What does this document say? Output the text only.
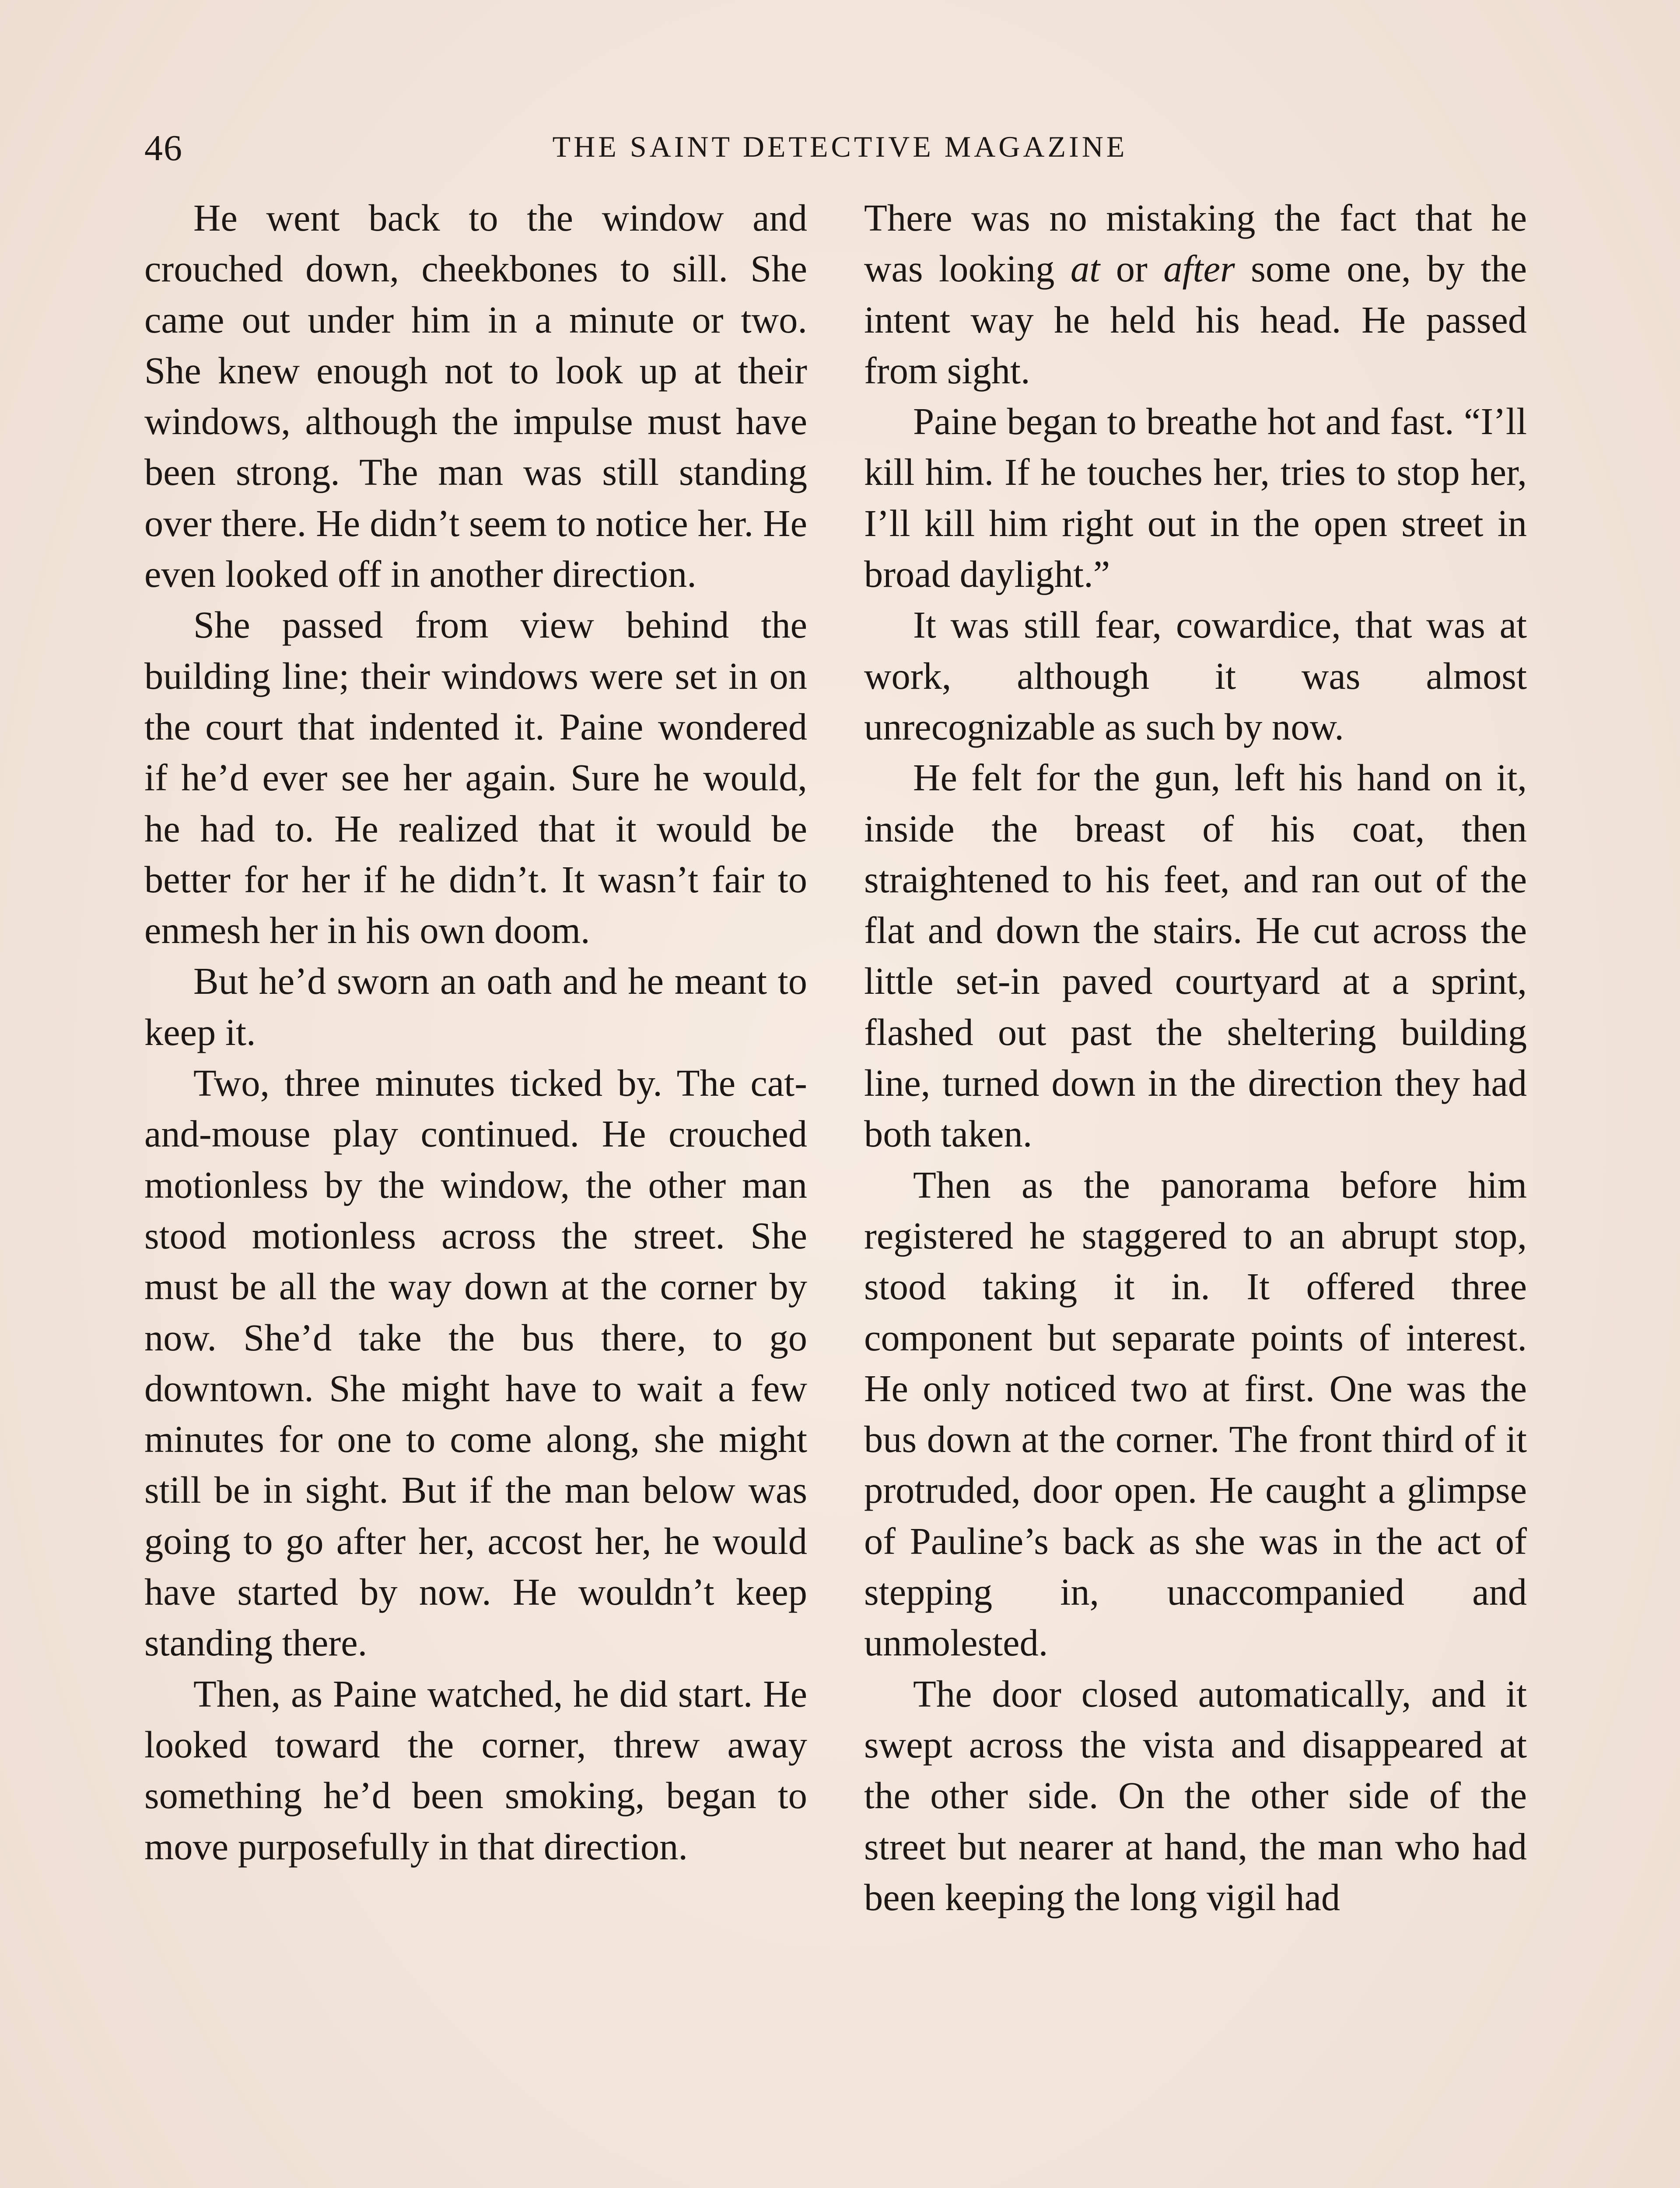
46	THE SAINT DETECTIVE MAGAZINE

He went back to the window and crouched down, cheekbones to sill. She came out under him in a minute or two. She knew enough not to look up at their windows, although the impulse must have been strong. The man was still standing over there. He didn’t seem to notice her. He even looked off in another direction.

She passed from view behind the building line; their windows were set in on the court that indented it. Paine wondered if he’d ever see her again. Sure he would, he had to. He realized that it would be better for her if he didn’t. It wasn’t fair to enmesh her in his own doom.

But he’d sworn an oath and he meant to keep it.

Two, three minutes ticked by. The cat-and-mouse play continued. He crouched motionless by the window, the other man stood motionless across the street. She must be all the way down at the corner by now. She’d take the bus there, to go downtown. She might have to wait a few minutes for one to come along, she might still be in sight. But if the man below was going to go after her, accost her, he would have started by now. He wouldn’t keep standing there.

Then, as Paine watched, he did start. He looked toward the corner, threw away something he’d been smoking, began to move purposefully in that direction.

There was no mistaking the fact that he was looking at or after some one, by the intent way he held his head. He passed from sight.

Paine began to breathe hot and fast. “I’ll kill him. If he touches her, tries to stop her, I’ll kill him right out in the open street in broad daylight.”

It was still fear, cowardice, that was at work, although it was almost unrecognizable as such by now.

He felt for the gun, left his hand on it, inside the breast of his coat, then straightened to his feet, and ran out of the flat and down the stairs. He cut across the little set-in paved courtyard at a sprint, flashed out past the sheltering building line, turned down in the direction they had both taken.

Then as the panorama before him registered he staggered to an abrupt stop, stood taking it in. It offered three component but separate points of interest. He only noticed two at first. One was the bus down at the corner. The front third of it protruded, door open. He caught a glimpse of Pauline’s back as she was in the act of stepping in, unaccompanied and unmolested.

The door closed automatically, and it swept across the vista and disappeared at the other side. On the other side of the street but nearer at hand, the man who had been keeping the long vigil had
